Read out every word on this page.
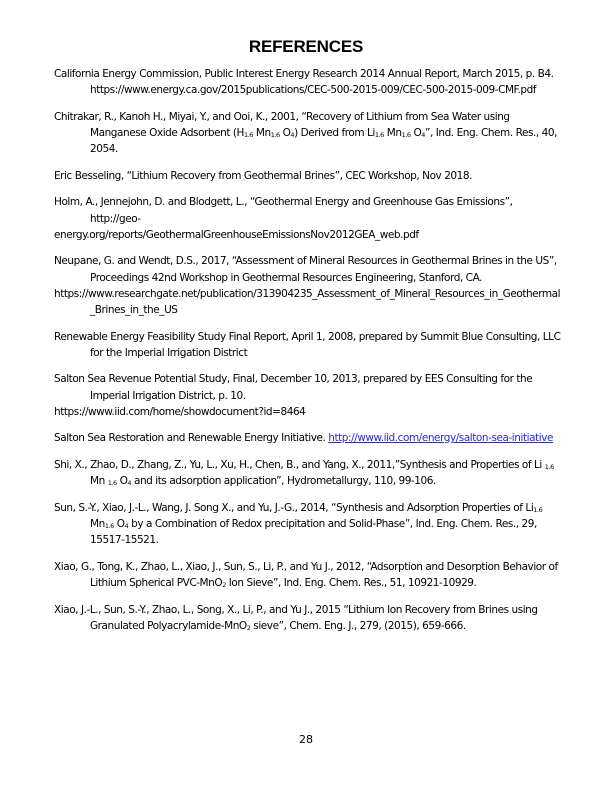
REFERENCES
California Energy Commission, Public Interest Energy Research 2014 Annual Report, March 2015, p. B4. https://www.energy.ca.gov/2015publications/CEC-500-2015-009/CEC-500-2015-009-CMF.pdf
Chitrakar, R., Kanoh H., Miyai, Y., and Ooi, K., 2001, “Recovery of Lithium from Sea Water using Manganese Oxide Adsorbent ($H_{1.6}$ $Mn_{1.6}$ $O_4$) Derived from $Li_{1.6}$ $Mn_{1.6}$ $O_4$”, Ind. Eng. Chem. Res., 40, 2054.
Eric Besseling, “Lithium Recovery from Geothermal Brines”, CEC Workshop, Nov 2018.
Holm, A., Jennejohn, D. and Blodgett, L., “Geothermal Energy and Greenhouse Gas Emissions”, http://geo-
energy.org/reports/GeothermalGreenhouseEmissionsNov2012GEA_web.pdf
Neupane, G. and Wendt, D.S., 2017, “Assessment of Mineral Resources in Geothermal Brines in the US”, Proceedings 42nd Workshop in Geothermal Resources Engineering, Stanford, CA.
https://www.researchgate.net/publication/313904235_Assessment_of_Mineral_Resources_in_Geothermal_Brines_in_the_US
Renewable Energy Feasibility Study Final Report, April 1, 2008, prepared by Summit Blue Consulting, LLC for the Imperial Irrigation District
Salton Sea Revenue Potential Study, Final, December 10, 2013, prepared by EES Consulting for the Imperial Irrigation District, p. 10.
https://www.iid.com/home/showdocument?id=8464
Salton Sea Restoration and Renewable Energy Initiative. http://www.iid.com/energy/salton-sea-initiative
Shi, X., Zhao, D., Zhang, Z., Yu, L., Xu, H., Chen, B., and Yang, X., 2011,”Synthesis and Properties of Li $_{1.6}$ Mn $_{1.6}$ $O_4$ and its adsorption application”, Hydrometallurgy, 110, 99-106.
Sun, S.-Y., Xiao, J.-L., Wang, J. Song X., and Yu, J.-G., 2014, “Synthesis and Adsorption Properties of $Li_{1.6}$ $Mn_{1.6}$ $O_4$ by a Combination of Redox precipitation and Solid-Phase”, Ind. Eng. Chem. Res., 29, 15517-15521.
Xiao, G., Tong, K., Zhao, L., Xiao, J., Sun, S., Li, P., and Yu J., 2012, “Adsorption and Desorption Behavior of Lithium Spherical PVC-MnO$_2$ Ion Sieve”, Ind. Eng. Chem. Res., 51, 10921-10929.
Xiao, J.-L., Sun, S.-Y., Zhao, L., Song, X., Li, P., and Yu J., 2015 “Lithium Ion Recovery from Brines using Granulated Polyacrylamide-MnO$_2$ sieve”, Chem. Eng. J., 279, (2015), 659-666.
28
